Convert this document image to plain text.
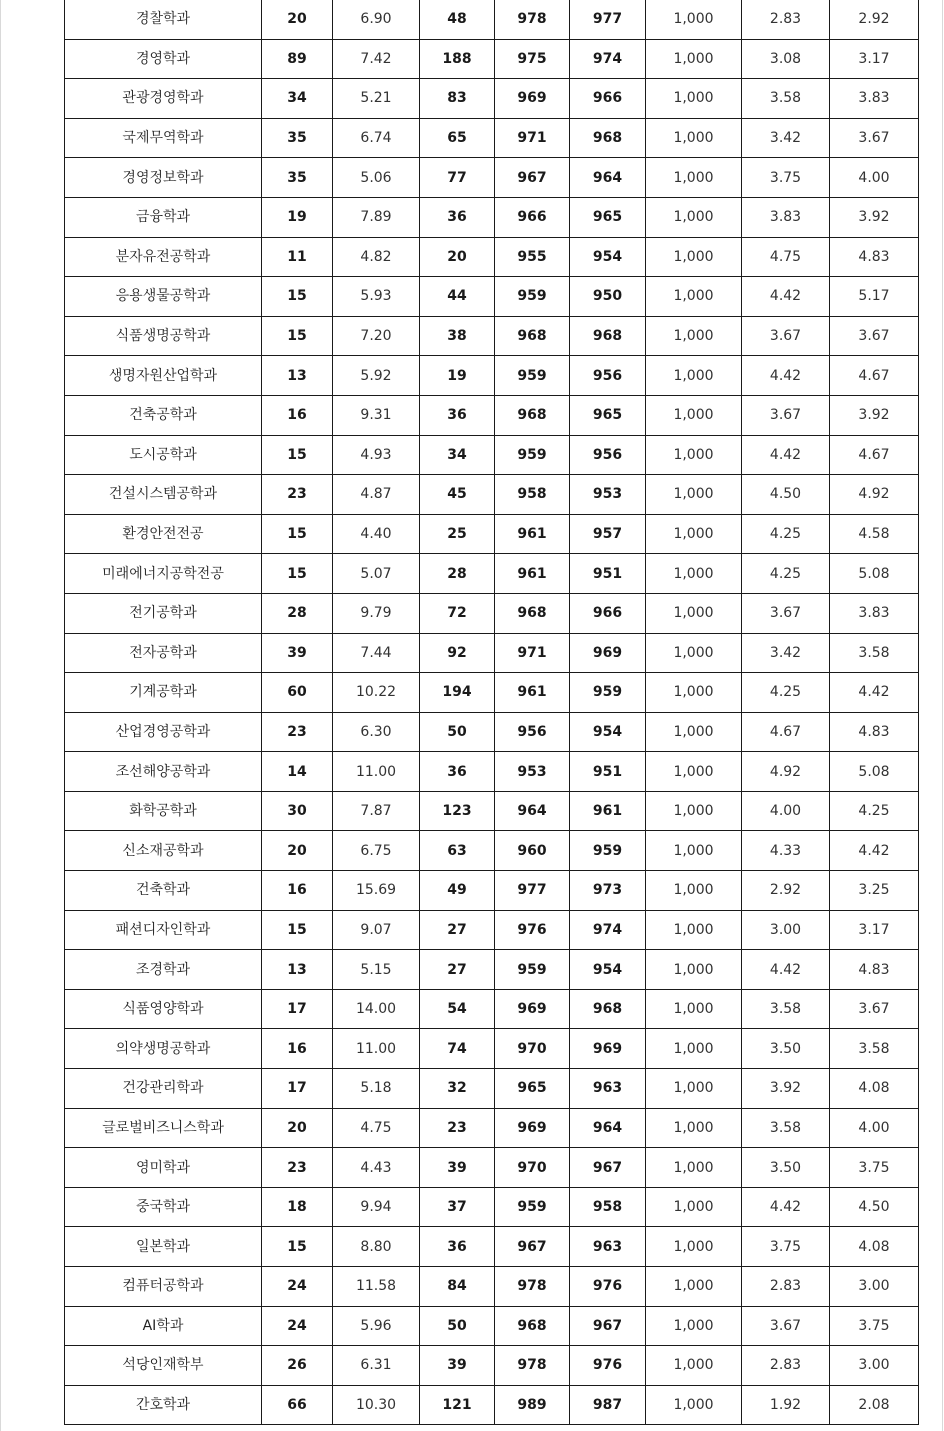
경찰학과	20	6.90	48	978	977	1,000	2.83	2.92
경영학과	89	7.42	188	975	974	1,000	3.08	3.17
관광경영학과	34	5.21	83	969	966	1,000	3.58	3.83
국제무역학과	35	6.74	65	971	968	1,000	3.42	3.67
경영정보학과	35	5.06	77	967	964	1,000	3.75	4.00
금융학과	19	7.89	36	966	965	1,000	3.83	3.92
분자유전공학과	11	4.82	20	955	954	1,000	4.75	4.83
응용생물공학과	15	5.93	44	959	950	1,000	4.42	5.17
식품생명공학과	15	7.20	38	968	968	1,000	3.67	3.67
생명자원산업학과	13	5.92	19	959	956	1,000	4.42	4.67
건축공학과	16	9.31	36	968	965	1,000	3.67	3.92
도시공학과	15	4.93	34	959	956	1,000	4.42	4.67
건설시스템공학과	23	4.87	45	958	953	1,000	4.50	4.92
환경안전전공	15	4.40	25	961	957	1,000	4.25	4.58
미래에너지공학전공	15	5.07	28	961	951	1,000	4.25	5.08
전기공학과	28	9.79	72	968	966	1,000	3.67	3.83
전자공학과	39	7.44	92	971	969	1,000	3.42	3.58
기계공학과	60	10.22	194	961	959	1,000	4.25	4.42
산업경영공학과	23	6.30	50	956	954	1,000	4.67	4.83
조선해양공학과	14	11.00	36	953	951	1,000	4.92	5.08
화학공학과	30	7.87	123	964	961	1,000	4.00	4.25
신소재공학과	20	6.75	63	960	959	1,000	4.33	4.42
건축학과	16	15.69	49	977	973	1,000	2.92	3.25
패션디자인학과	15	9.07	27	976	974	1,000	3.00	3.17
조경학과	13	5.15	27	959	954	1,000	4.42	4.83
식품영양학과	17	14.00	54	969	968	1,000	3.58	3.67
의약생명공학과	16	11.00	74	970	969	1,000	3.50	3.58
건강관리학과	17	5.18	32	965	963	1,000	3.92	4.08
글로벌비즈니스학과	20	4.75	23	969	964	1,000	3.58	4.00
영미학과	23	4.43	39	970	967	1,000	3.50	3.75
중국학과	18	9.94	37	959	958	1,000	4.42	4.50
일본학과	15	8.80	36	967	963	1,000	3.75	4.08
컴퓨터공학과	24	11.58	84	978	976	1,000	2.83	3.00
AI학과	24	5.96	50	968	967	1,000	3.67	3.75
석당인재학부	26	6.31	39	978	976	1,000	2.83	3.00
간호학과	66	10.30	121	989	987	1,000	1.92	2.08
